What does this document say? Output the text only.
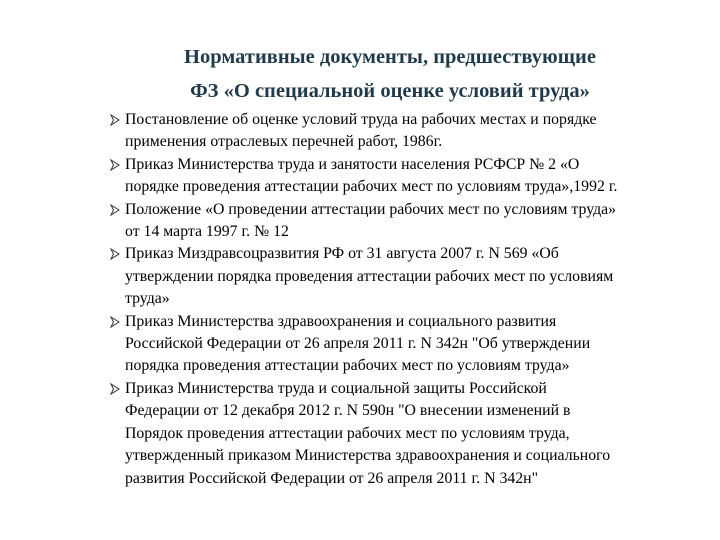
Нормативные документы, предшествующие
ФЗ «О специальной оценке условий труда»
Постановление об оценке условий труда на рабочих местах и порядке
применения отраслевых перечней работ, 1986г.
Приказ Министерства труда и занятости населения РСФСР № 2 «О
порядке проведения аттестации рабочих мест по условиям труда»,1992 г.
Положение «О проведении аттестации рабочих мест по условиям труда»
от 14 марта 1997 г. № 12
Приказ Миздравсоцразвития РФ от 31 августа 2007 г. N 569 «Об
утверждении порядка проведения аттестации рабочих мест по условиям
труда»
Приказ Министерства здравоохранения и социального развития
Российской Федерации от 26 апреля 2011 г. N 342н "Об утверждении
порядка проведения аттестации рабочих мест по условиям труда»
Приказ Министерства труда и социальной защиты Российской
Федерации от 12 декабря 2012 г. N 590н "О внесении изменений в
Порядок проведения аттестации рабочих мест по условиям труда,
утвержденный приказом Министерства здравоохранения и социального
развития Российской Федерации от 26 апреля 2011 г. N 342н"
